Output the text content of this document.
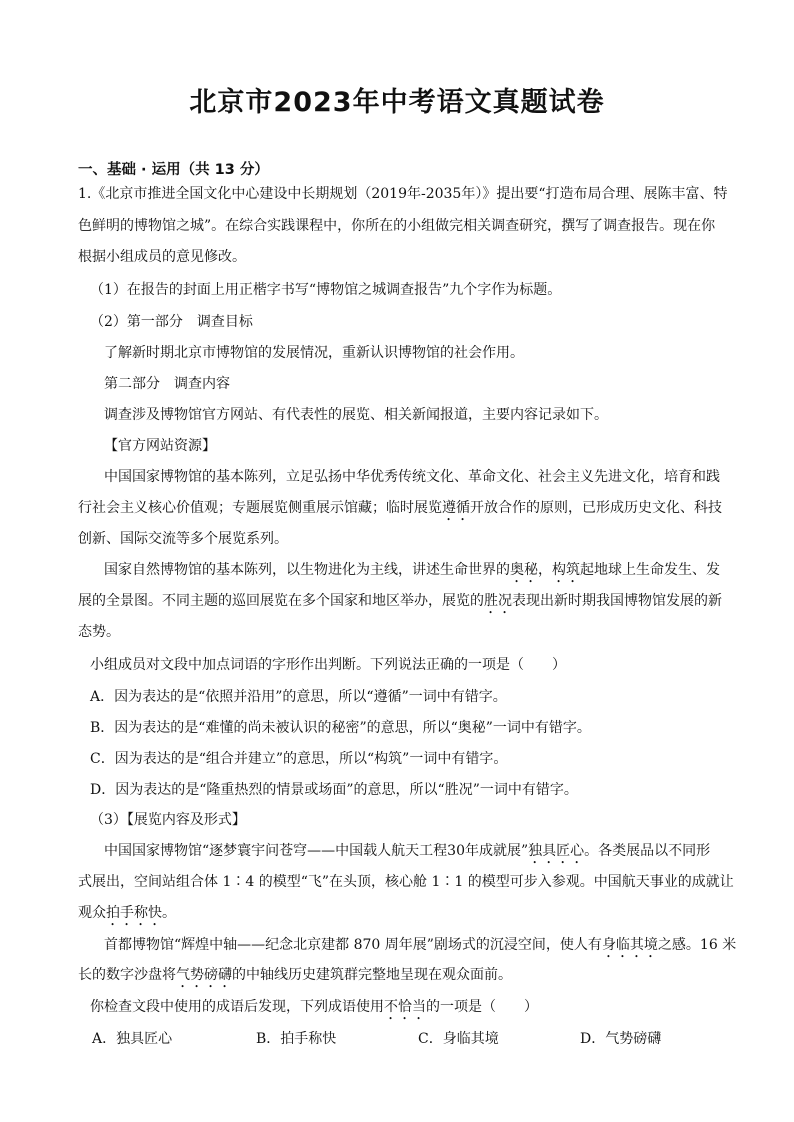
北京市2023年中考语文真题试卷
一、基础 · 运用（共 13 分）
1.《北京市推进全国文化中心建设中长期规划（2019年-2035年）》提出要“打造布局合理、展陈丰富、特
色鲜明的博物馆之城”。在综合实践课程中，你所在的小组做完相关调查研究，撰写了调查报告。现在你
根据小组成员的意见修改。
（1）在报告的封面上用正楷字书写“博物馆之城调查报告”九个字作为标题。
（2）第一部分　调查目标
了解新时期北京市博物馆的发展情况，重新认识博物馆的社会作用。
第二部分　调查内容
调查涉及博物馆官方网站、有代表性的展览、相关新闻报道，主要内容记录如下。
【官方网站资源】
中国国家博物馆的基本陈列，立足弘扬中华优秀传统文化、革命文化、社会主义先进文化，培育和践
行社会主义核心价值观；专题展览侧重展示馆藏；临时展览遵循开放合作的原则，已形成历史文化、科技
创新、国际交流等多个展览系列。
国家自然博物馆的基本陈列，以生物进化为主线，讲述生命世界的奥秘，构筑起地球上生命发生、发
展的全景图。不同主题的巡回展览在多个国家和地区举办，展览的胜况表现出新时期我国博物馆发展的新
态势。
小组成员对文段中加点词语的字形作出判断。下列说法正确的一项是（　　）
A．因为表达的是“依照并沿用”的意思，所以“遵循”一词中有错字。
B．因为表达的是“难懂的尚未被认识的秘密”的意思，所以“奥秘”一词中有错字。
C．因为表达的是“组合并建立”的意思，所以“构筑”一词中有错字。
D．因为表达的是“隆重热烈的情景或场面”的意思，所以“胜况”一词中有错字。
（3）【展览内容及形式】
中国国家博物馆“逐梦寰宇问苍穹——中国载人航天工程30年成就展”独具匠心。各类展品以不同形
式展出，空间站组合体 1∶4 的模型“飞”在头顶，核心舱 1∶1 的模型可步入参观。中国航天事业的成就让
观众拍手称快。
首都博物馆“辉煌中轴——纪念北京建都 870 周年展”剧场式的沉浸空间，使人有身临其境之感。16 米
长的数字沙盘将气势磅礴的中轴线历史建筑群完整地呈现在观众面前。
你检查文段中使用的成语后发现，下列成语使用不恰当的一项是（　　）
A．独具匠心	B．拍手称快	C．身临其境	D．气势磅礴
